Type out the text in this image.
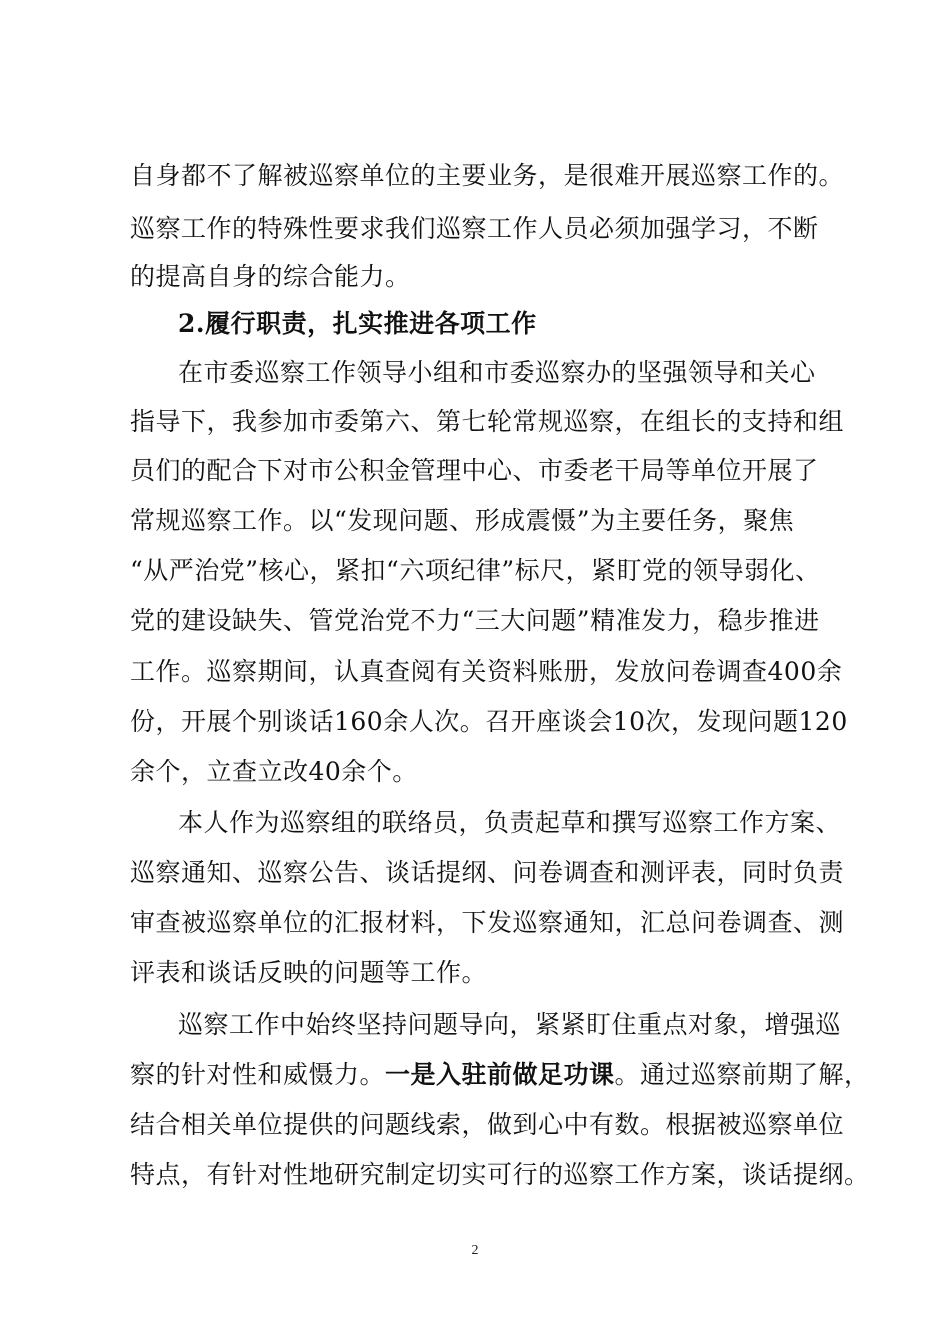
自身都不了解被巡察单位的主要业务，是很难开展巡察工作的。
巡察工作的特殊性要求我们巡察工作人员必须加强学习，不断
的提高自身的综合能力。
2.履行职责，扎实推进各项工作
在市委巡察工作领导小组和市委巡察办的坚强领导和关心
指导下，我参加市委第六、第七轮常规巡察，在组长的支持和组
员们的配合下对市公积金管理中心、市委老干局等单位开展了
常规巡察工作。以“发现问题、形成震慑”为主要任务，聚焦
“从严治党”核心，紧扣“六项纪律”标尺，紧盯党的领导弱化、
党的建设缺失、管党治党不力“三大问题”精准发力，稳步推进
工作。巡察期间，认真查阅有关资料账册，发放问卷调查400余
份，开展个别谈话160余人次。召开座谈会10次，发现问题120
余个，立查立改40余个。
本人作为巡察组的联络员，负责起草和撰写巡察工作方案、
巡察通知、巡察公告、谈话提纲、问卷调查和测评表，同时负责
审查被巡察单位的汇报材料，下发巡察通知，汇总问卷调查、测
评表和谈话反映的问题等工作。
巡察工作中始终坚持问题导向，紧紧盯住重点对象，增强巡
察的针对性和威慑力。一是入驻前做足功课。通过巡察前期了解，
结合相关单位提供的问题线索，做到心中有数。根据被巡察单位
特点，有针对性地研究制定切实可行的巡察工作方案，谈话提纲。
2
